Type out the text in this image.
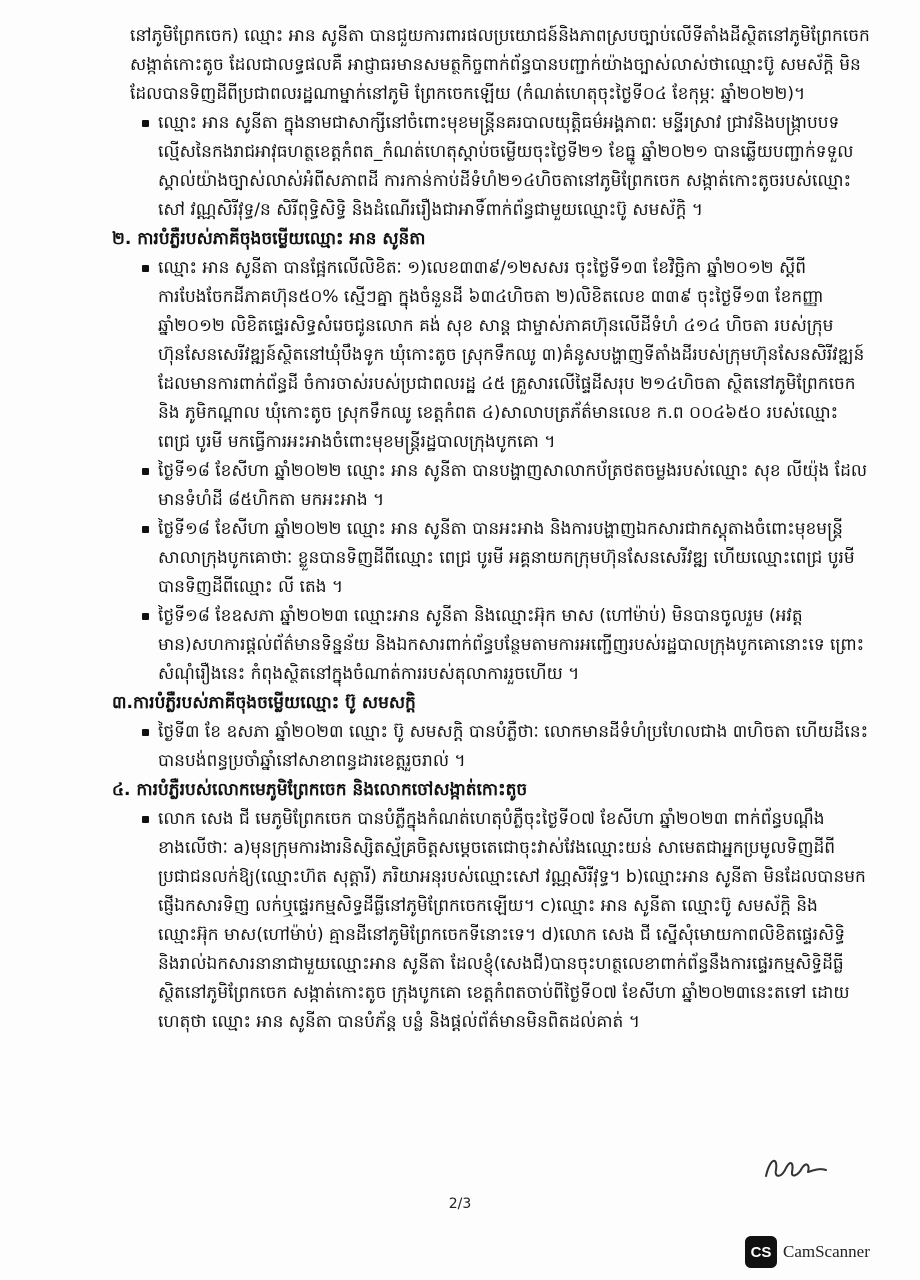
នៅភូមិព្រែកចេក) ឈ្មោះ អាន សូនីតា បានជួយការពារផលប្រយោជន៍និងភាពស្របច្បាប់លើទីតាំងដីស្ថិតនៅភូមិព្រែកចេក សង្កាត់កោះតូច ដែលជាលទ្ធផលគឺ អាជ្ញាធរមានសមត្ថកិច្ចពាក់ព័ន្ធបានបញ្ជាក់យ៉ាងច្បាស់លាស់ថាឈ្មោះប៊ូ សមស័ក្តិ មិនដែលបានទិញដីពីប្រជាពលរដ្ឋណាម្នាក់នៅភូមិ ព្រែកចេកឡើយ (កំណត់ហេតុចុះថ្ងៃទី០៤ ខែកុម្ភៈ ឆ្នាំ២០២២)។

ឈ្មោះ អាន សូនីតា ក្នុងនាមជាសាក្សីនៅចំពោះមុខមន្ត្រីនគរបាលយុត្តិធម៌អង្គភាពៈ មន្ទីរស្រាវ ជ្រាវនិងបង្ក្រាបបទល្មើសនៃកងរាជអាវុធហត្ថខេត្តកំពត_កំណត់ហេតុស្តាប់ចម្លើយចុះថ្ងៃទី២១ ខែធ្នូ ឆ្នាំ២០២១ បានឆ្លើយបញ្ជាក់ទទួលស្គាល់យ៉ាងច្បាស់លាស់អំពីសភាពដី ការកាន់កាប់ដីទំហំ២១៤ហិចតានៅភូមិព្រែកចេក សង្កាត់កោះតូចរបស់ឈ្មោះ សៅ វណ្ណសិរីវុទ្ធ/ន សិរីពុទ្ធិសិទ្ធិ និងដំណើររឿងជាអាទិ៍ពាក់ព័ន្ធជាមួយឈ្មោះប៊ូ សមស័ក្តិ ។

២. ការបំភ្លឺរបស់ភាគីចុងចម្លើយឈ្មោះ អាន សូនីតា

ឈ្មោះ អាន សូនីតា បានផ្អែកលើលិខិតៈ ១)លេខ៣៣៩/១២សសរ ចុះថ្ងៃទី១៣ ខែវិច្ឆិកា ឆ្នាំ២០១២ ស្តីពីការបែងចែកដីភាគហ៊ុន៥០% ស្មើៗគ្នា ក្នុងចំនួនដី ៦៣៤ហិចតា ២)លិខិតលេខ ៣៣៩ ចុះថ្ងៃទី១៣ ខែកញ្ញា ឆ្នាំ២០១២ លិខិតផ្ទេរសិទ្ធសំរេចជូនលោក គង់ សុខ សាន្ត ជាម្ចាស់ភាគហ៊ុនលើដីទំហំ ៤១៤ ហិចតា របស់ក្រុមហ៊ុនសែនសេរីវឌ្ឍន៍ស្ថិតនៅឃុំបឹងទូក ឃុំកោះតូច ស្រុកទឹកឈូ ៣)គំនូសបង្ហាញទីតាំងដីរបស់ក្រុមហ៊ុនសែនសិរីវឌ្ឍន៍ ដែលមានការពាក់ព័ន្ធដី ចំការចាស់របស់ប្រជាពលរដ្ឋ ៤៥ គ្រួសារលើផ្ទៃដីសរុប ២១៤ហិចតា ស្ថិតនៅភូមិព្រែកចេក និង ភូមិកណ្តាល ឃុំកោះតូច ស្រុកទឹកឈូ ខេត្តកំពត ៤)សាលាបត្រភ័ត៌មានលេខ ក.ព ០០៤៦៥០ របស់ឈ្មោះ ពេជ្រ បូរមី មកធ្វើការអះអាងចំពោះមុខមន្ត្រីរដ្ឋបាលក្រុងបូកគោ ។

ថ្ងៃទី១៨ ខែសីហា ឆ្នាំ២០២២ ឈ្មោះ អាន សូនីតា បានបង្ហាញសាលាកប័ត្រថតចម្លងរបស់ឈ្មោះ សុខ លីយ៉ុង ដែលមានទំហំដី ៨៥ហិកតា មកអះអាង ។

ថ្ងៃទី១៨ ខែសីហា ឆ្នាំ២០២២ ឈ្មោះ អាន សូនីតា បានអះអាង និងការបង្ហាញឯកសារជាកស្តុតាងចំពោះមុខមន្ត្រីសាលាក្រុងបូកគោថាៈ ខ្លួនបានទិញដីពីឈ្មោះ ពេជ្រ បូរមី អគ្គនាយកក្រុមហ៊ុនសែនសេរីវឌ្ឍ ហើយឈ្មោះពេជ្រ បូរមី បានទិញដីពីឈ្មោះ លី តេង ។

ថ្ងៃទី១៨ ខែឧសភា ឆ្នាំ២០២៣ ឈ្មោះអាន សូនីតា និងឈ្មោះអ៊ុក មាស (ហៅម៉ាប់) មិនបានចូលរួម (អវត្តមាន)សហការផ្តល់ព័ត៌មានទិន្នន័យ និងឯកសារពាក់ព័ន្ធបន្ថែមតាមការអញ្ជើញរបស់រដ្ឋបាលក្រុងបូកគោនោះទេ ព្រោះសំណុំរឿងនេះ កំពុងស្ថិតនៅក្នុងចំណាត់ការរបស់តុលាការរួចហើយ ។

៣.ការបំភ្លឺរបស់ភាគីចុងចម្លើយឈ្មោះ ប៊ូ សមសក្តិ

ថ្ងៃទី៣ ខែ ឧសភា ឆ្នាំ២០២៣ ឈ្មោះ ប៊ូ សមសក្តិ បានបំភ្លឺថាៈ លោកមានដីទំហំប្រហែលជាង ៣ហិចតា ហើយដីនេះ បានបង់ពន្ធប្រចាំឆ្នាំនៅសាខាពន្ធដារខេត្តរួចរាល់ ។

៤. ការបំភ្លឺរបស់លោកមេភូមិព្រែកចេក និងលោកចៅសង្កាត់កោះតូច

លោក សេង ជី មេភូមិព្រែកចេក បានបំភ្លឺក្នុងកំណត់ហេតុបំភ្លឺចុះថ្ងៃទី០៧ ខែសីហា ឆ្នាំ២០២៣ ពាក់ព័ន្ធបណ្តឹងខាងលើថាៈ a)មុនក្រុមការងារនិស្សិតស្ម័គ្រចិត្តសម្តេចតេជោចុះវាស់វែងឈ្មោះយន់ សាមេតជាអ្នកប្រមូលទិញដីពីប្រជាជនលក់ឱ្យ(ឈ្មោះហ៊ត សុត្តារី) ភរិយាអនុរបស់ឈ្មោះសៅ វណ្ណសិរីវុទ្ធ។ b)ឈ្មោះអាន សូនីតា មិនដែលបានមកផ្ញើឯកសារទិញ លក់ឬផ្ទេរកម្មសិទ្ធដីធ្លីនៅភូមិព្រែកចេកឡើយ។ c)ឈ្មោះ អាន សូនីតា ឈ្មោះប៊ូ សមស័ក្តិ និងឈ្មោះអ៊ុក មាស(ហៅម៉ាប់) គ្មានដីនៅភូមិព្រែកចេកទីនោះទេ។ d)លោក សេង ជី ស្នើសុំមោយកាពលិខិតផ្ទេរសិទ្ធិ និងរាល់ឯកសារនានាជាមួយឈ្មោះអាន សូនីតា ដែលខ្ញុំ(សេងជី)បានចុះហត្ថលេខាពាក់ព័ន្ធនឹងការផ្ទេរកម្មសិទ្ធិដីធ្លីស្ថិតនៅភូមិព្រែកចេក សង្កាត់កោះតូច ក្រុងបូកគោ ខេត្តកំពតចាប់ពីថ្ងៃទី០៧ ខែសីហា ឆ្នាំ២០២៣នេះតទៅ ដោយហេតុថា ឈ្មោះ អាន សូនីតា បានបំភ័ន្ត បន្លំ និងផ្តល់ព័ត៌មានមិនពិតដល់គាត់ ។

2/3
CS CamScanner
